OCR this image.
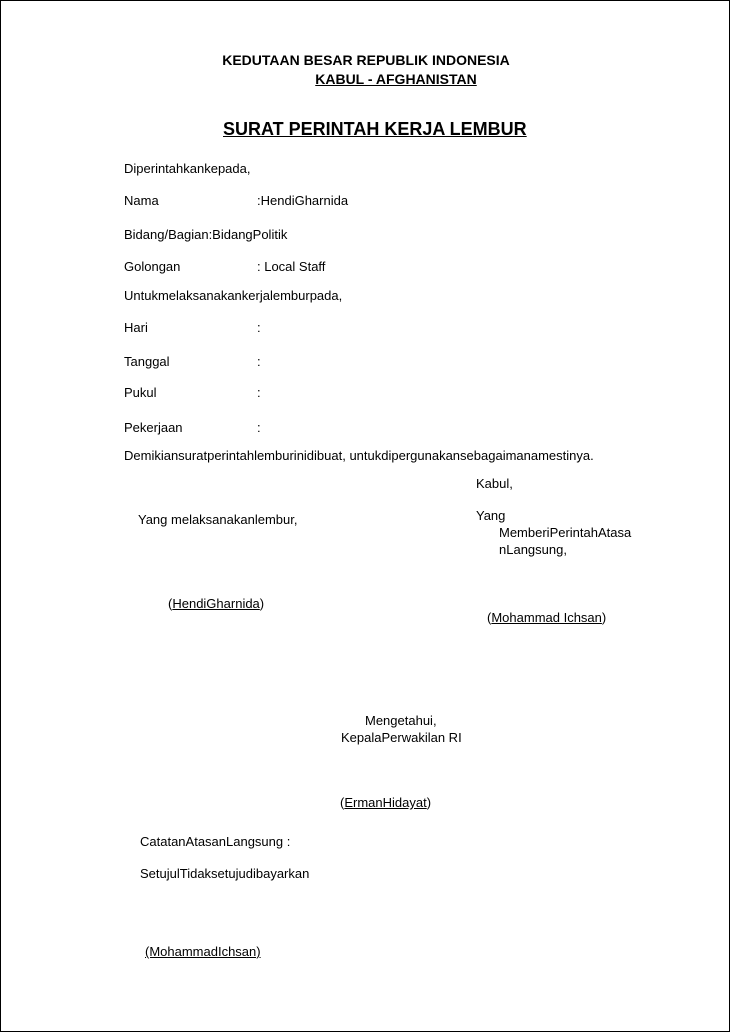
KEDUTAAN BESAR REPUBLIK INDONESIA
KABUL - AFGHANISTAN
SURAT PERINTAH KERJA LEMBUR
Diperintahkankepada,
Nama	:HendiGharnida
Bidang/Bagian:BidangPolitik
Golongan	: Local Staff
Untukmelaksanakankerjalemburpada,
Hari	:
Tanggal	:
Pukul	:
Pekerjaan	:
Demikiansuratperintahlemburinidibuat, untukdipergunakansebagaimanamestinya.
Kabul,
Yang melaksanakanlembur,	Yang
MemberiPerintahAtasa
nLangsung,
(HendiGharnida)
(Mohammad Ichsan)
Mengetahui,
KepalaPerwakilan RI
(ErmanHidayat)
CatatanAtasanLangsung :
SetujulTidaksetujudibayarkan
(MohammadIchsan)
